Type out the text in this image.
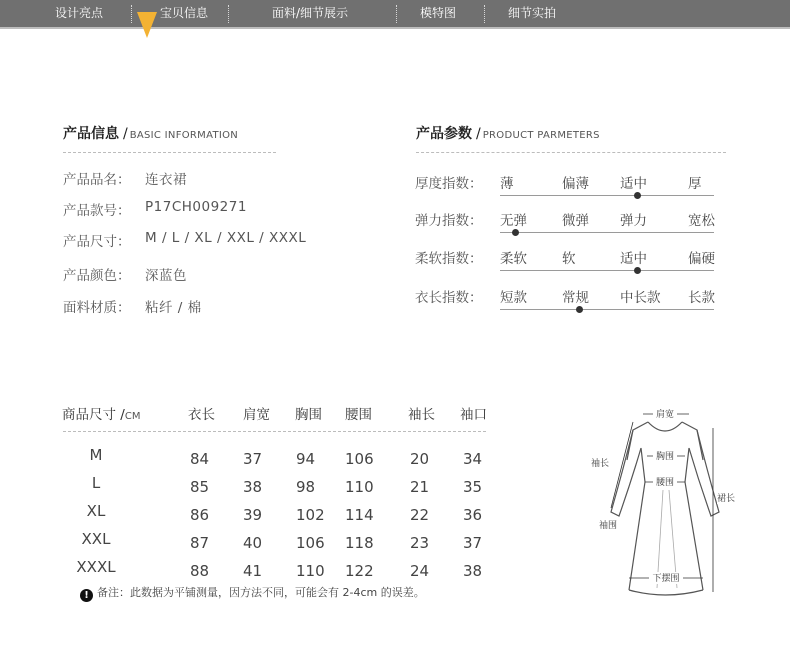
设计亮点	宝贝信息	面料/细节展示	模特图	细节实拍
产品信息 / BASIC INFORMATION
产品品名： 连衣裙
产品款号： P17CH009271
产品尺寸： M / L / XL / XXL / XXXL
产品颜色： 深蓝色
面料材质： 粘纤 / 棉
产品参数 / PRODUCT PARMETERS
厚度指数： 薄	偏薄 适中	厚
弹力指数： 无弹	微弹 弹力	宽松
柔软指数： 柔软	软	适中	偏硬
衣长指数： 短款	常规 中长款 长款
商品尺寸 /CM	衣长 肩宽 胸围 腰围	袖长 袖口
M	84 37 94 106 20 34
L	85 38 98 110 21 35
XL	86 39 102 114 22 36
XXL	87 40 106 118 23 37
XXXL	88 41 110 122 24 38
! 备注：此数据为平铺测量，因方法不同，可能会有 2-4cm 的误差。
肩宽
胸围
腰围
袖长
袖围
裙长
下摆围
